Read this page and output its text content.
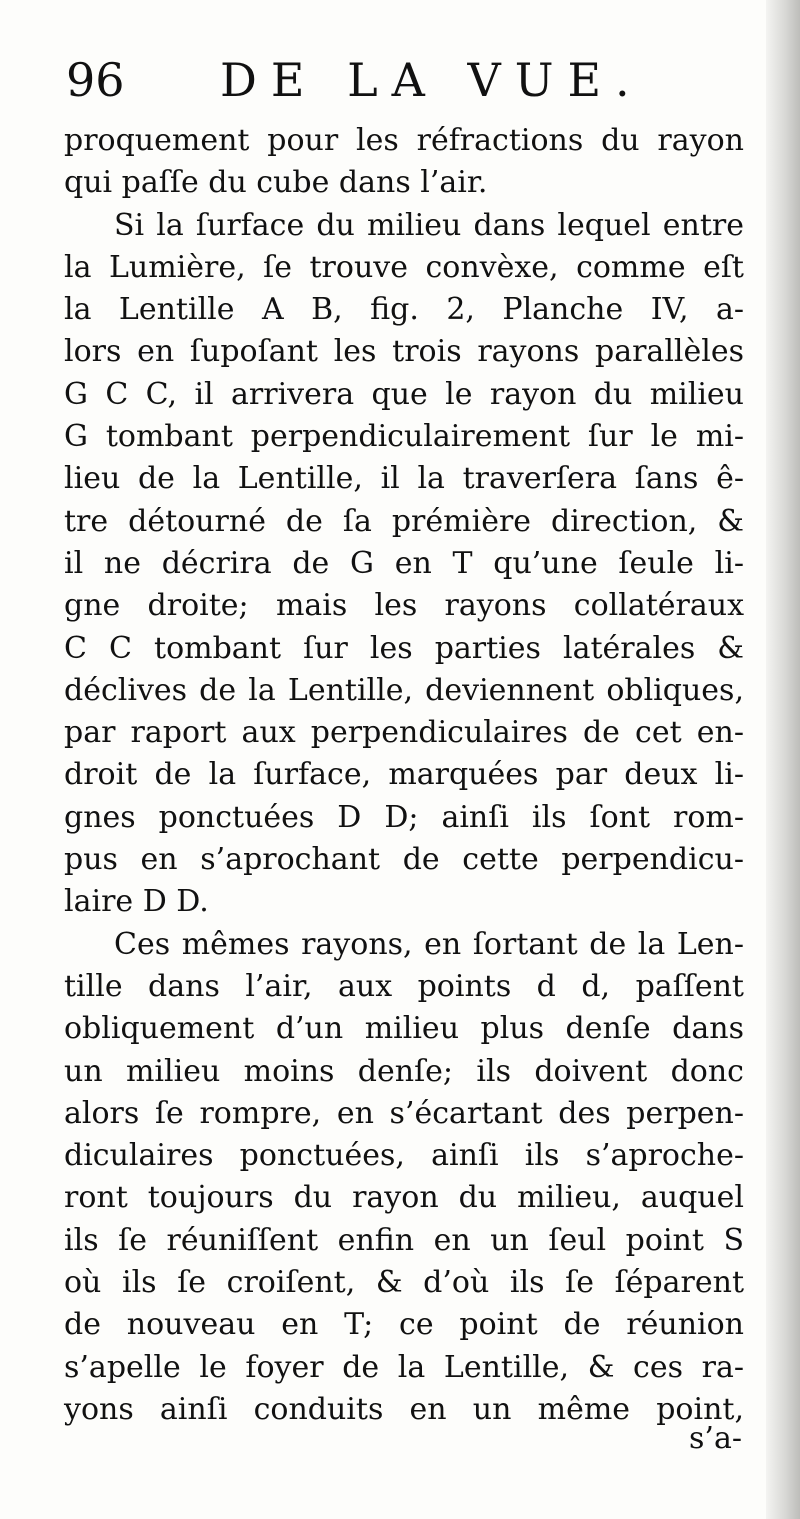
96 DE LA VUE.
proquement pour les réfractions du rayon
qui paſſe du cube dans l’air.
Si la ſurface du milieu dans lequel entre
la Lumière, ſe trouve convèxe, comme eſt
la Lentille A B, fig. 2, Planche IV, a-
lors en ſupoſant les trois rayons parallèles
G C C, il arrivera que le rayon du milieu
G tombant perpendiculairement ſur le mi-
lieu de la Lentille, il la traverſera ſans ê-
tre détourné de ſa prémière direction, &
il ne décrira de G en T qu’une ſeule li-
gne droite; mais les rayons collatéraux
C C tombant ſur les parties latérales &
déclives de la Lentille, deviennent obliques,
par raport aux perpendiculaires de cet en-
droit de la ſurface, marquées par deux li-
gnes ponctuées D D; ainſi ils ſont rom-
pus en s’aprochant de cette perpendicu-
laire D D.
Ces mêmes rayons, en ſortant de la Len-
tille dans l’air, aux points d d, paſſent
obliquement d’un milieu plus denſe dans
un milieu moins denſe; ils doivent donc
alors ſe rompre, en s’écartant des perpen-
diculaires ponctuées, ainſi ils s’aproche-
ront toujours du rayon du milieu, auquel
ils ſe réuniſſent enfin en un ſeul point S
où ils ſe croiſent, & d’où ils ſe ſéparent
de nouveau en T; ce point de réunion
s’apelle le foyer de la Lentille, & ces ra-
yons ainſi conduits en un même point,
s’a-
